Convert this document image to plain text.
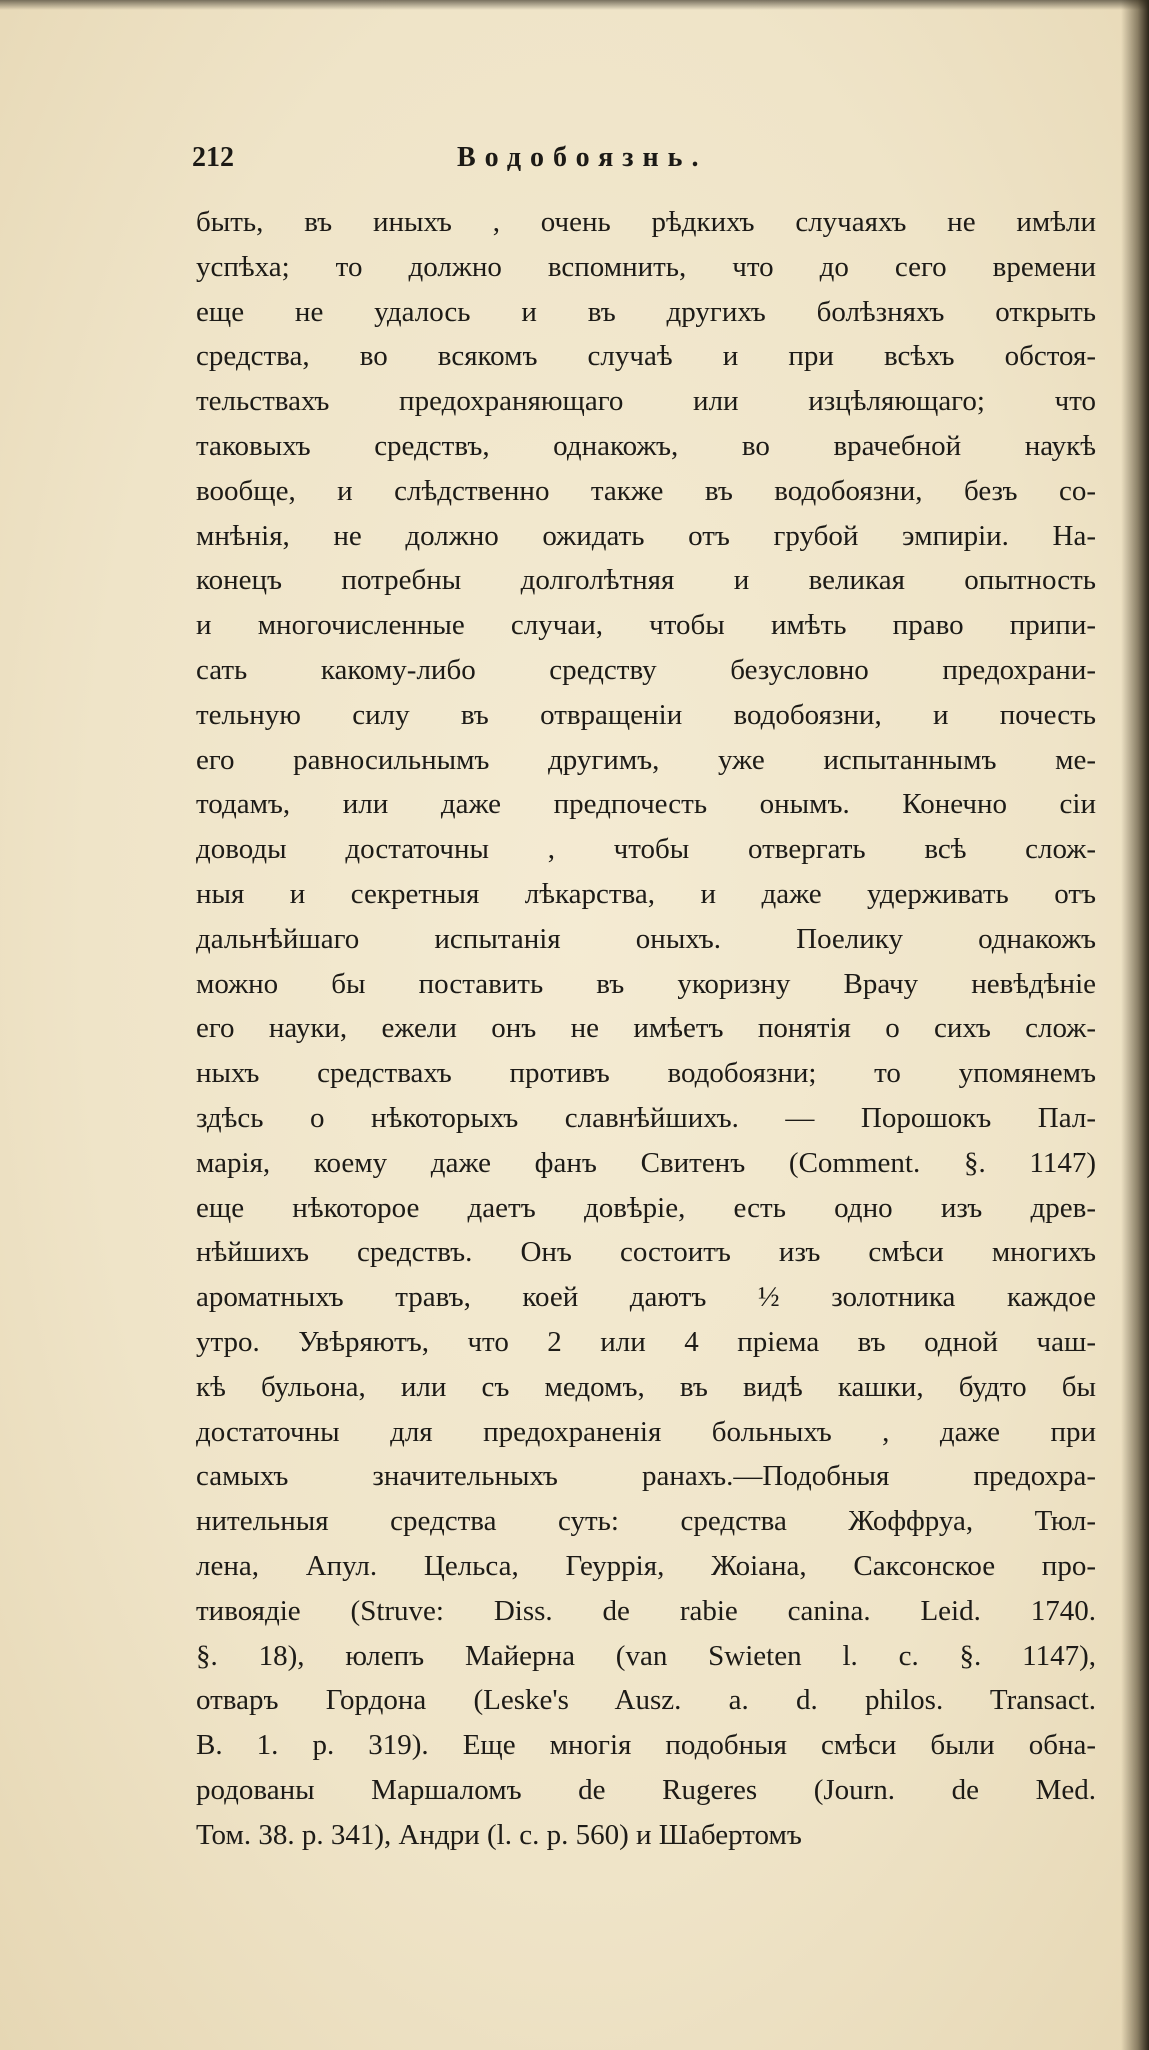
212	Водобоязнь.
быть, въ иныхъ , очень рѣдкихъ случаяхъ не имѣли
успѣха; то должно вспомнить, что до сего времени
еще не удалось и въ другихъ болѣзняхъ открыть
средства, во всякомъ случаѣ и при всѣхъ обстоя-
тельствахъ предохраняющаго или изцѣляющаго; что
таковыхъ средствъ, однакожъ, во врачебной наукѣ
вообще, и слѣдственно также въ водобоязни, безъ со-
мнѣнія, не должно ожидать отъ грубой эмпиріи. На-
конецъ потребны долголѣтняя и великая опытность
и многочисленные случаи, чтобы имѣть право припи-
сать какому-либо средству безусловно предохрани-
тельную силу въ отвращеніи водобоязни, и почесть
его равносильнымъ другимъ, уже испытаннымъ ме-
тодамъ, или даже предпочесть онымъ. Конечно сіи
доводы достаточны , чтобы отвергать всѣ слож-
ныя и секретныя лѣкарства, и даже удерживать отъ
дальнѣйшаго испытанія оныхъ. Поелику однакожъ
можно бы поставить въ укоризну Врачу невѣдѣніе
его науки, ежели онъ не имѣетъ понятія о сихъ слож-
ныхъ средствахъ противъ водобоязни; то упомянемъ
здѣсь о нѣкоторыхъ славнѣйшихъ. — Порошокъ Пал-
марія, коему даже фанъ Свитенъ (Comment. §. 1147)
еще нѣкоторое даетъ довѣріе, есть одно изъ древ-
нѣйшихъ средствъ. Онъ состоитъ изъ смѣси многихъ
ароматныхъ травъ, коей даютъ ½ золотника каждое
утро. Увѣряютъ, что 2 или 4 пріема въ одной чаш-
кѣ бульона, или съ медомъ, въ видѣ кашки, будто бы
достаточны для предохраненія больныхъ , даже при
самыхъ значительныхъ ранахъ.—Подобныя предохра-
нительныя средства суть: средства Жоффруа, Тюл-
лена, Апул. Цельса, Геуррія, Жоіана, Саксонское про-
тивоядіе (Struve: Diss. de rabie canina. Leid. 1740.
§. 18), юлепъ Майерна (van Swieten l. c. §. 1147),
отваръ Гордона (Leske's Ausz. a. d. philos. Transact.
B. 1. p. 319). Еще многія подобныя смѣси были обна-
родованы Маршаломъ de Rugeres (Journ. de Med.
Том. 38. p. 341), Андри (l. c. p. 560) и Шабертомъ
